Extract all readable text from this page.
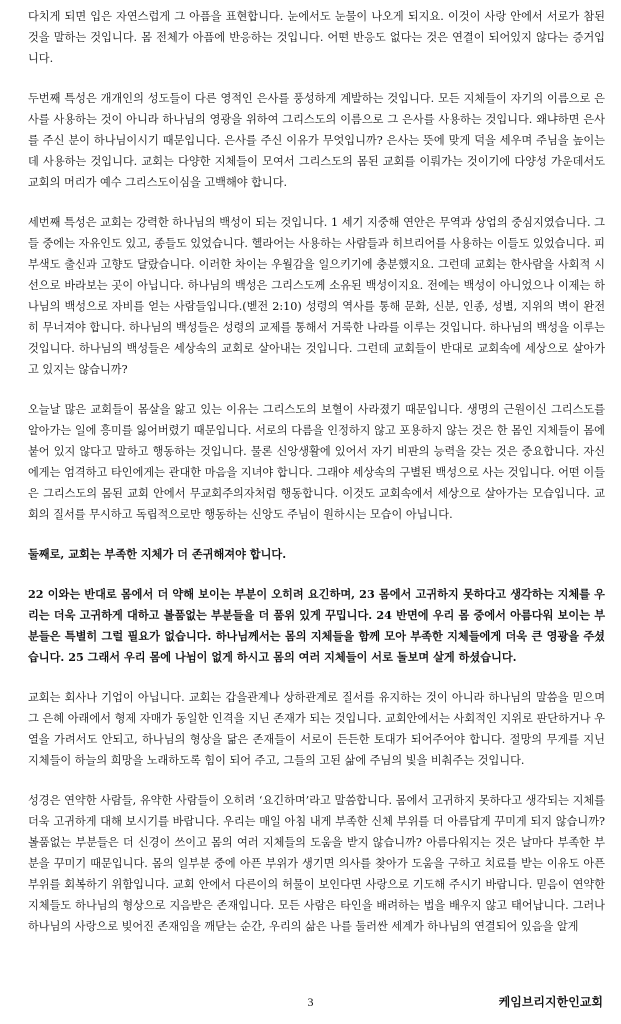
다치게 되면 입은 자연스럽게 그 아픔을 표현합니다. 눈에서도 눈물이 나오게 되지요. 이것이 사랑 안에서 서로가 참된 것을 말하는 것입니다. 몸 전체가 아픔에 반응하는 것입니다. 어떤 반응도 없다는 것은 연결이 되어있지 않다는 증거입니다.

두번째 특성은 개개인의 성도들이 다른 영적인 은사를 풍성하게 계발하는 것입니다. 모든 지체들이 자기의 이름으로 은사를 사용하는 것이 아니라 하나님의 영광을 위하여 그리스도의 이름으로 그 은사를 사용하는 것입니다. 왜냐하면 은사를 주신 분이 하나님이시기 때문입니다. 은사를 주신 이유가 무엇입니까? 은사는 뜻에 맞게 덕을 세우며 주님을 높이는데 사용하는 것입니다. 교회는 다양한 지체들이 모여서 그리스도의 몸된 교회를 이뤄가는 것이기에 다양성 가운데서도 교회의 머리가 예수 그리스도이심을 고백해야 합니다.

세번째 특성은 교회는 강력한 하나님의 백성이 되는 것입니다. 1 세기 지중해 연안은 무역과 상업의 중심지였습니다. 그들 중에는 자유인도 있고, 종들도 있었습니다. 헬라어는 사용하는 사람들과 히브리어를 사용하는 이들도 있었습니다. 피부색도 출신과 고향도 달랐습니다. 이러한 차이는 우월감을 일으키기에 충분했지요. 그런데 교회는 한사람을 사회적 시선으로 바라보는 곳이 아닙니다. 하나님의 백성은 그리스도께 소유된 백성이지요. 전에는 백성이 아니었으나 이제는 하나님의 백성으로 자비를 얻는 사람들입니다.(벧전 2:10) 성령의 역사를 통해 문화, 신분, 인종, 성별, 지위의 벽이 완전히 무너져야 합니다. 하나님의 백성들은 성령의 교제를 통해서 거룩한 나라를 이루는 것입니다. 하나님의 백성을 이루는 것입니다. 하나님의 백성들은 세상속의 교회로 살아내는 것입니다. 그런데 교회들이 반대로 교회속에 세상으로 살아가고 있지는 않습니까?

오늘날 많은 교회들이 몸살을 앓고 있는 이유는 그리스도의 보혈이 사라졌기 때문입니다. 생명의 근원이신 그리스도를 알아가는 일에 흥미를 잃어버렸기 때문입니다. 서로의 다름을 인정하지 않고 포용하지 않는 것은 한 몸인 지체들이 몸에 붙어 있지 않다고 말하고 행동하는 것입니다. 물론 신앙생활에 있어서 자기 비판의 능력을 갖는 것은 중요합니다. 자신에게는 엄격하고 타인에게는 관대한 마음을 지녀야 합니다. 그래야 세상속의 구별된 백성으로 사는 것입니다. 어떤 이들은 그리스도의 몸된 교회 안에서 무교회주의자처럼 행동합니다. 이것도 교회속에서 세상으로 살아가는 모습입니다. 교회의 질서를 무시하고 독립적으로만 행동하는 신앙도 주님이 원하시는 모습이 아닙니다.

둘째로, 교회는 부족한 지체가 더 존귀해져야 합니다.

22 이와는 반대로 몸에서 더 약해 보이는 부분이 오히려 요긴하며, 23 몸에서 고귀하지 못하다고 생각하는 지체를 우리는 더욱 고귀하게 대하고 볼품없는 부분들을 더 품위 있게 꾸밉니다. 24 반면에 우리 몸 중에서 아름다워 보이는 부분들은 특별히 그럴 필요가 없습니다. 하나님께서는 몸의 지체들을 함께 모아 부족한 지체들에게 더욱 큰 영광을 주셨습니다. 25 그래서 우리 몸에 나뉨이 없게 하시고 몸의 여러 지체들이 서로 돌보며 살게 하셨습니다.

교회는 회사나 기업이 아닙니다. 교회는 갑을관계나 상하관계로 질서를 유지하는 것이 아니라 하나님의 말씀을 믿으며 그 은혜 아래에서 형제 자매가 동일한 인격을 지닌 존재가 되는 것입니다. 교회안에서는 사회적인 지위로 판단하거나 우열을 가려서도 안되고, 하나님의 형상을 닮은 존재들이 서로이 든든한 토대가 되어주어야 합니다. 절망의 무게를 지닌 지체들이 하늘의 희망을 노래하도록 힘이 되어 주고, 그들의 고된 삶에 주님의 빛을 비춰주는 것입니다.

성경은 연약한 사람들, 유약한 사람들이 오히려 ‘요긴하며’라고 말씀합니다. 몸에서 고귀하지 못하다고 생각되는 지체를 더욱 고귀하게 대해 보시기를 바랍니다. 우리는 매일 아침 내게 부족한 신체 부위를 더 아름답게 꾸미게 되지 않습니까? 볼품없는 부분들은 더 신경이 쓰이고 몸의 여러 지체들의 도움을 받지 않습니까? 아름다워지는 것은 날마다 부족한 부분을 꾸미기 때문입니다. 몸의 일부분 중에 아픈 부위가 생기면 의사를 찾아가 도움을 구하고 치료를 받는 이유도 아픈 부위를 회복하기 위함입니다. 교회 안에서 다른이의 허물이 보인다면 사랑으로 기도해 주시기 바랍니다. 믿음이 연약한 지체들도 하나님의 형상으로 지음받은 존재입니다. 모든 사람은 타인을 배려하는 법을 배우지 않고 태어납니다. 그러나 하나님의 사랑으로 빚어진 존재임을 깨닫는 순간, 우리의 삶은 나를 둘러싼 세계가 하나님의 연결되어 있음을 알게

3	케임브리지한인교회
